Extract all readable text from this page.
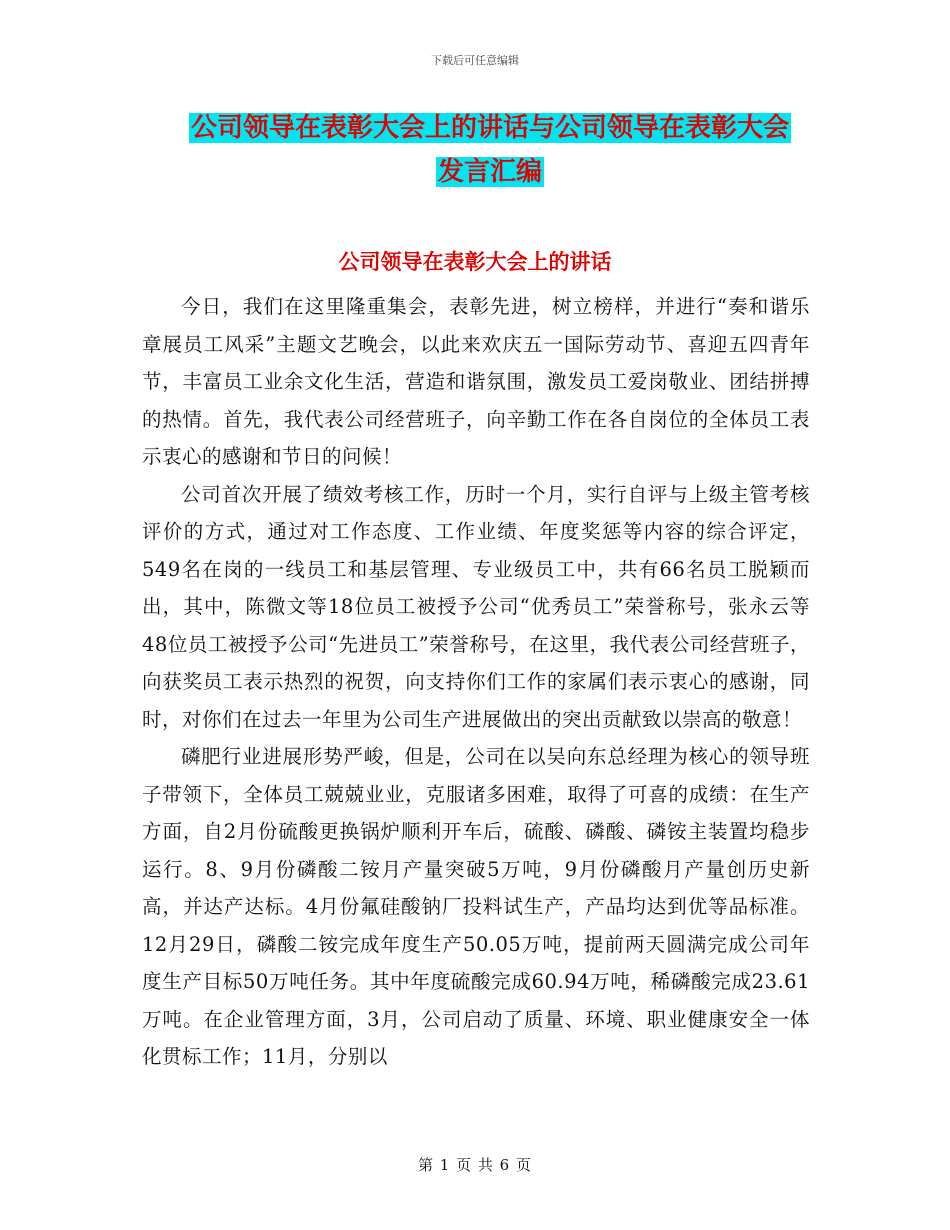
下载后可任意编辑
公司领导在表彰大会上的讲话与公司领导在表彰大会
发言汇编
公司领导在表彰大会上的讲话

今日，我们在这里隆重集会，表彰先进，树立榜样，并进行“奏和谐乐章展员工风采”主题文艺晚会，以此来欢庆五一国际劳动节、喜迎五四青年节，丰富员工业余文化生活，营造和谐氛围，激发员工爱岗敬业、团结拼搏的热情。首先，我代表公司经营班子，向辛勤工作在各自岗位的全体员工表示衷心的感谢和节日的问候！

公司首次开展了绩效考核工作，历时一个月，实行自评与上级主管考核评价的方式，通过对工作态度、工作业绩、年度奖惩等内容的综合评定，549名在岗的一线员工和基层管理、专业级员工中，共有66名员工脱颖而出，其中，陈微文等18位员工被授予公司“优秀员工”荣誉称号，张永云等48位员工被授予公司“先进员工”荣誉称号，在这里，我代表公司经营班子，向获奖员工表示热烈的祝贺，向支持你们工作的家属们表示衷心的感谢，同时，对你们在过去一年里为公司生产进展做出的突出贡献致以崇高的敬意！

磷肥行业进展形势严峻，但是，公司在以吴向东总经理为核心的领导班子带领下，全体员工兢兢业业，克服诸多困难，取得了可喜的成绩：在生产方面，自2月份硫酸更换锅炉顺利开车后，硫酸、磷酸、磷铵主装置均稳步运行。8、9月份磷酸二铵月产量突破5万吨，9月份磷酸月产量创历史新高，并达产达标。4月份氟硅酸钠厂投料试生产，产品均达到优等品标准。12月29日，磷酸二铵完成年度生产50.05万吨，提前两天圆满完成公司年度生产目标50万吨任务。其中年度硫酸完成60.94万吨，稀磷酸完成23.61万吨。在企业管理方面，3月，公司启动了质量、环境、职业健康安全一体化贯标工作；11月，分别以

第 1 页 共 6 页
